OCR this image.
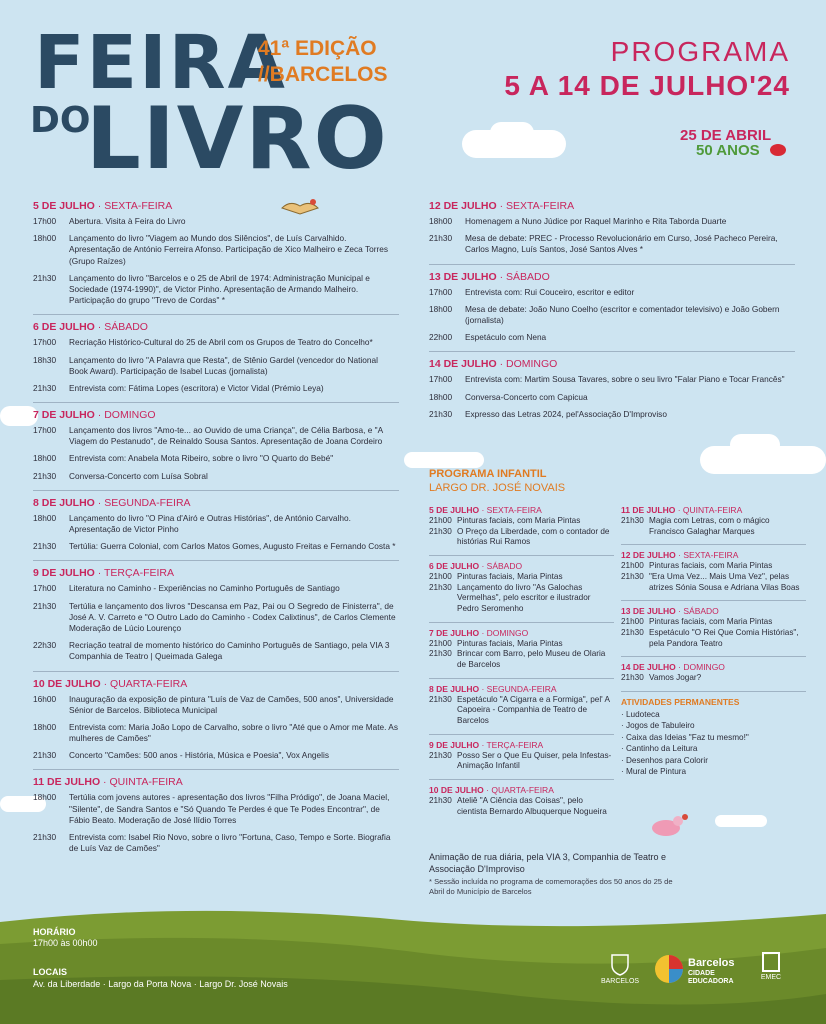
FEIRA
DO
LIVRO
41ª EDIÇÃO
//BARCELOS
PROGRAMA
5 A 14 DE JULHO'24
25 DE ABRIL
50 ANOS
5 DE JULHO · SEXTA-FEIRA
17h00	Abertura. Visita à Feira do Livro
18h00	Lançamento do livro "Viagem ao Mundo dos Silêncios", de Luís Carvalhido. Apresentação de António Ferreira Afonso. Participação de Xico Malheiro e Zeca Torres (Grupo Raízes)
21h30	Lançamento do livro "Barcelos e o 25 de Abril de 1974: Administração Municipal e Sociedade (1974-1990)", de Victor Pinho. Apresentação de Armando Malheiro. Participação do grupo "Trevo de Cordas" *
6 DE JULHO · SÁBADO
17h00	Recriação Histórico-Cultural do 25 de Abril com os Grupos de Teatro do Concelho*
18h30	Lançamento do livro "A Palavra que Resta", de Stênio Gardel (vencedor do National Book Award). Participação de Isabel Lucas (jornalista)
21h30	Entrevista com: Fátima Lopes (escritora) e Victor Vidal (Prémio Leya)
7 DE JULHO · DOMINGO
17h00	Lançamento dos livros "Amo-te... ao Ouvido de uma Criança", de Célia Barbosa, e "A Viagem do Pestanudo", de Reinaldo Sousa Santos. Apresentação de Joana Cordeiro
18h00	Entrevista com: Anabela Mota Ribeiro, sobre o livro "O Quarto do Bebé"
21h30	Conversa-Concerto com Luísa Sobral
8 DE JULHO · SEGUNDA-FEIRA
18h00	Lançamento do livro "O Pina d'Airó e Outras Histórias", de António Carvalho. Apresentação de Victor Pinho
21h30	Tertúlia: Guerra Colonial, com Carlos Matos Gomes, Augusto Freitas e Fernando Costa *
9 DE JULHO · TERÇA-FEIRA
17h00	Literatura no Caminho - Experiências no Caminho Português de Santiago
21h30	Tertúlia e lançamento dos livros "Descansa em Paz, Pai ou O Segredo de Finisterra", de José A. V. Carreto e "O Outro Lado do Caminho - Codex Calixtinus", de Carlos Clemente Moderação de Lúcio Lourenço
22h30	Recriação teatral de momento histórico do Caminho Português de Santiago, pela VIA 3 Companhia de Teatro | Queimada Galega
10 DE JULHO · QUARTA-FEIRA
16h00	Inauguração da exposição de pintura "Luís de Vaz de Camões, 500 anos", Universidade Sénior de Barcelos. Biblioteca Municipal
18h00	Entrevista com: Maria João Lopo de Carvalho, sobre o livro "Até que o Amor me Mate. As mulheres de Camões"
21h30	Concerto "Camões: 500 anos - História, Música e Poesia", Vox Angelis
11 DE JULHO · QUINTA-FEIRA
18h00	Tertúlia com jovens autores - apresentação dos livros "Filha Pródigo", de Joana Maciel, "Silente", de Sandra Santos e "Só Quando Te Perdes é que Te Podes Encontrar", de Fábio Beato. Moderação de José Ilídio Torres
21h30	Entrevista com: Isabel Rio Novo, sobre o livro "Fortuna, Caso, Tempo e Sorte. Biografia de Luís Vaz de Camões"
12 DE JULHO · SEXTA-FEIRA
18h00	Homenagem a Nuno Júdice por Raquel Marinho e Rita Taborda Duarte
21h30	Mesa de debate: PREC - Processo Revolucionário em Curso, José Pacheco Pereira, Carlos Magno, Luís Santos, José Santos Alves *
13 DE JULHO · SÁBADO
17h00	Entrevista com: Rui Couceiro, escritor e editor
18h00	Mesa de debate: João Nuno Coelho (escritor e comentador televisivo) e João Gobern (jornalista)
22h00	Espetáculo com Nena
14 DE JULHO · DOMINGO
17h00	Entrevista com: Martim Sousa Tavares, sobre o seu livro "Falar Piano e Tocar Francês"
18h00	Conversa-Concerto com Capicua
21h30	Expresso das Letras 2024, pel'Associação D'Improviso
PROGRAMA INFANTIL
LARGO DR. JOSÉ NOVAIS
5 DE JULHO · SEXTA-FEIRA
21h00 Pinturas faciais, com Maria Pintas
21h30 O Preço da Liberdade, com o contador de histórias Rui Ramos
6 DE JULHO · SÁBADO
21h00 Pinturas faciais, Maria Pintas
21h30 Lançamento do livro "As Galochas Vermelhas", pelo escritor e ilustrador Pedro Seromenho
7 DE JULHO · DOMINGO
21h00 Pinturas faciais, Maria Pintas
21h30 Brincar com Barro, pelo Museu de Olaria de Barcelos
8 DE JULHO · SEGUNDA-FEIRA
21h30 Espetáculo "A Cigarra e a Formiga", pel' A Capoeira - Companhia de Teatro de Barcelos
9 DE JULHO · TERÇA-FEIRA
21h30 Posso Ser o Que Eu Quiser, pela Infestas-Animação Infantil
10 DE JULHO · QUARTA-FEIRA
21h30 Ateliê "A Ciência das Coisas", pelo cientista Bernardo Albuquerque Nogueira
11 DE JULHO · QUINTA-FEIRA
21h30 Magia com Letras, com o mágico Francisco Galaghar Marques
12 DE JULHO · SEXTA-FEIRA
21h00 Pinturas faciais, com Maria Pintas
21h30 "Era Uma Vez... Mais Uma Vez", pelas atrizes Sónia Sousa e Adriana Vilas Boas
13 DE JULHO · SÁBADO
21h00 Pinturas faciais, com Maria Pintas
21h30 Espetáculo "O Rei Que Comia Histórias", pela Pandora Teatro
14 DE JULHO · DOMINGO
21h30 Vamos Jogar?
ATIVIDADES PERMANENTES
· Ludoteca
· Jogos de Tabuleiro
· Caixa das Ideias "Faz tu mesmo!"
· Cantinho da Leitura
· Desenhos para Colorir
· Mural de Pintura
Animação de rua diária, pela VIA 3, Companhia de Teatro e Associação D'Improviso
* Sessão incluída no programa de comemorações dos 50 anos do 25 de Abril do Município de Barcelos
HORÁRIO
17h00 às 00h00
LOCAIS
Av. da Liberdade · Largo da Porta Nova · Largo Dr. José Novais	BARCELOS
Barcelos
CIDADE
EDUCADORA
EMEC
